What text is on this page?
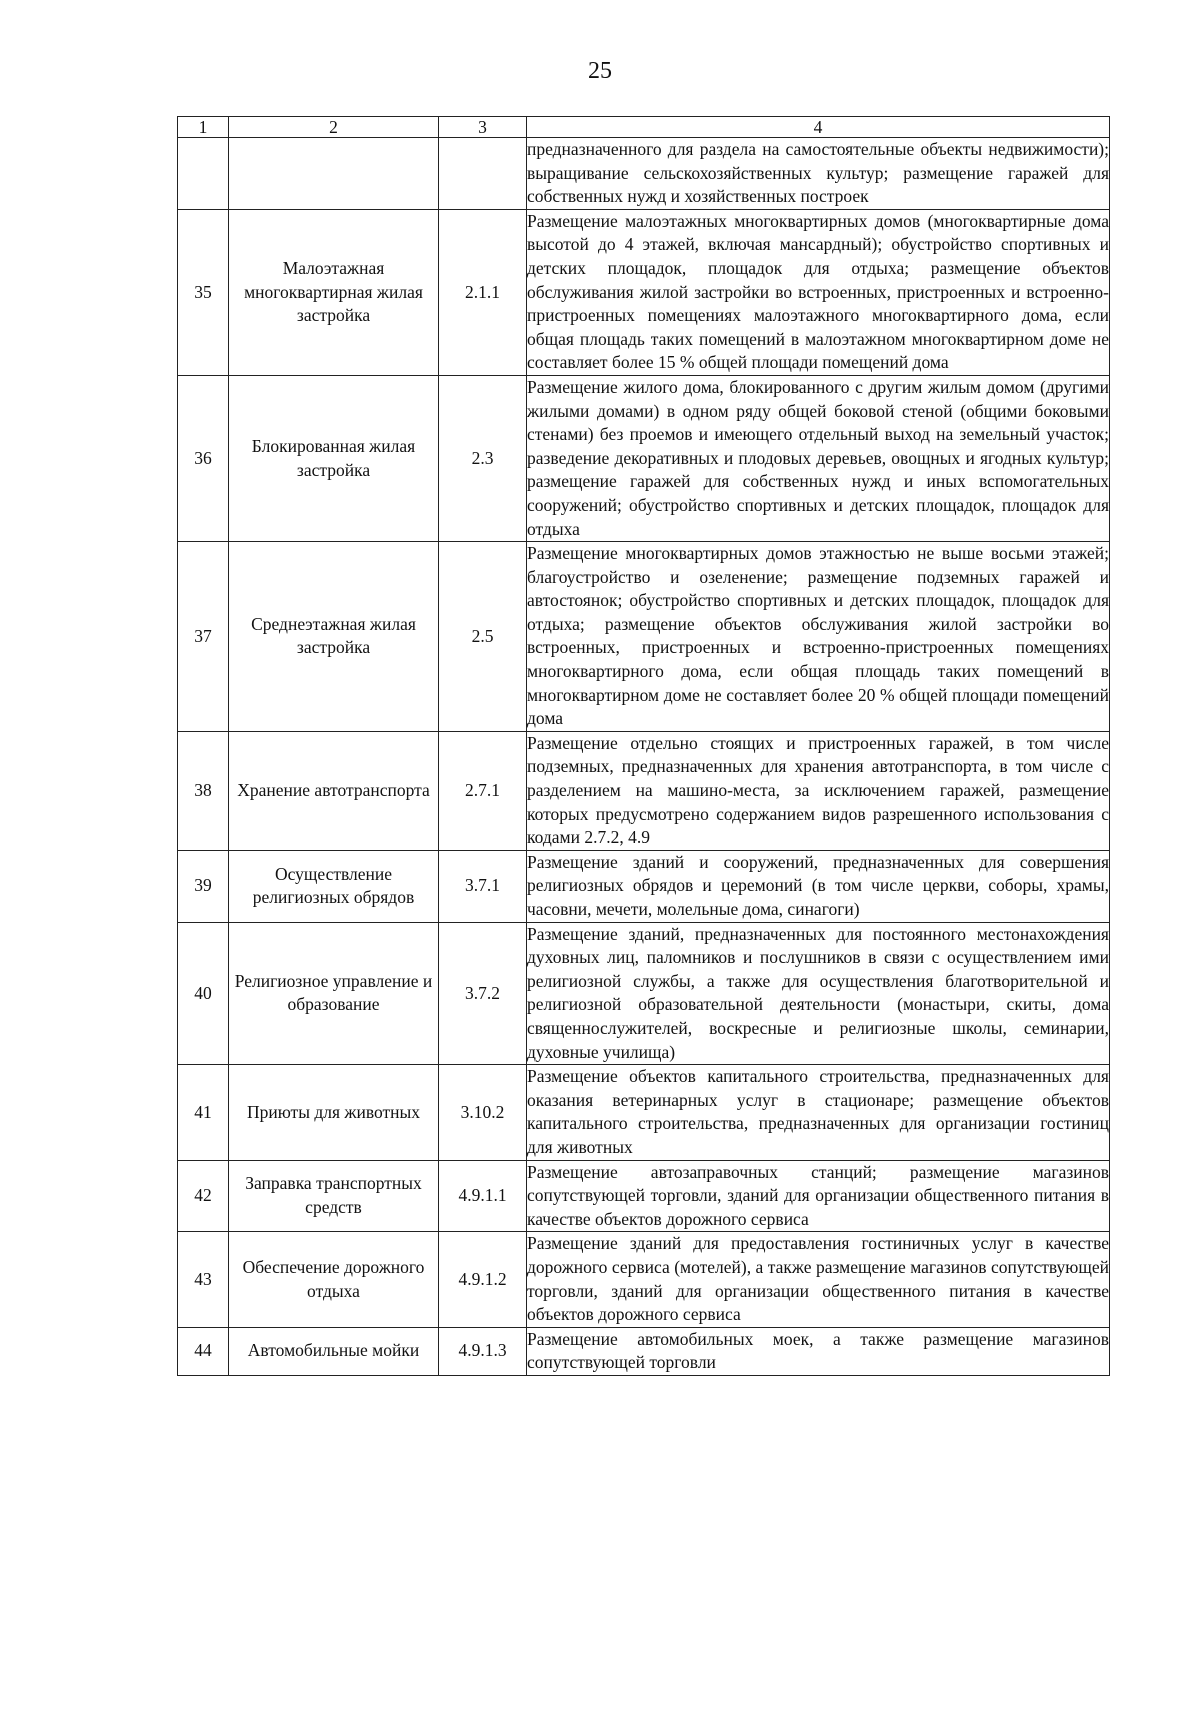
25
1	2	3	4
			предназначенного для раздела на самостоятельные объекты недвижимости); выращивание сельскохозяйственных культур; размещение гаражей для собственных нужд и хозяйственных построек
35	Малоэтажная многоквартирная жилая застройка	2.1.1	Размещение малоэтажных многоквартирных домов (многоквартирные дома высотой до 4 этажей, включая мансардный); обустройство спортивных и детских площадок, площадок для отдыха; размещение объектов обслуживания жилой застройки во встроенных, пристроенных и встроенно-пристроенных помещениях малоэтажного многоквартирного дома, если общая площадь таких помещений в малоэтажном многоквартирном доме не составляет более 15 % общей площади помещений дома
36	Блокированная жилая застройка	2.3	Размещение жилого дома, блокированного с другим жилым домом (другими жилыми домами) в одном ряду общей боковой стеной (общими боковыми стенами) без проемов и имеющего отдельный выход на земельный участок; разведение декоративных и плодовых деревьев, овощных и ягодных культур; размещение гаражей для собственных нужд и иных вспомогательных сооружений; обустройство спортивных и детских площадок, площадок для отдыха
37	Среднеэтажная жилая застройка	2.5	Размещение многоквартирных домов этажностью не выше восьми этажей; благоустройство и озеленение; размещение подземных гаражей и автостоянок; обустройство спортивных и детских площадок, площадок для отдыха; размещение объектов обслуживания жилой застройки во встроенных, пристроенных и встроенно-пристроенных помещениях многоквартирного дома, если общая площадь таких помещений в многоквартирном доме не составляет более 20 % общей площади помещений дома
38	Хранение автотранспорта	2.7.1	Размещение отдельно стоящих и пристроенных гаражей, в том числе подземных, предназначенных для хранения автотранспорта, в том числе с разделением на машино-места, за исключением гаражей, размещение которых предусмотрено содержанием видов разрешенного использования с кодами 2.7.2, 4.9
39	Осуществление религиозных обрядов	3.7.1	Размещение зданий и сооружений, предназначенных для совершения религиозных обрядов и церемоний (в том числе церкви, соборы, храмы, часовни, мечети, молельные дома, синагоги)
40	Религиозное управление и образование	3.7.2	Размещение зданий, предназначенных для постоянного местонахождения духовных лиц, паломников и послушников в связи с осуществлением ими религиозной службы, а также для осуществления благотворительной и религиозной образовательной деятельности (монастыри, скиты, дома священнослужителей, воскресные и религиозные школы, семинарии, духовные училища)
41	Приюты для животных	3.10.2	Размещение объектов капитального строительства, предназначенных для оказания ветеринарных услуг в стационаре; размещение объектов капитального строительства, предназначенных для организации гостиниц для животных
42	Заправка транспортных средств	4.9.1.1	Размещение автозаправочных станций; размещение магазинов сопутствующей торговли, зданий для организации общественного питания в качестве объектов дорожного сервиса
43	Обеспечение дорожного отдыха	4.9.1.2	Размещение зданий для предоставления гостиничных услуг в качестве дорожного сервиса (мотелей), а также размещение магазинов сопутствующей торговли, зданий для организации общественного питания в качестве объектов дорожного сервиса
44	Автомобильные мойки	4.9.1.3	Размещение автомобильных моек, а также размещение магазинов сопутствующей торговли
